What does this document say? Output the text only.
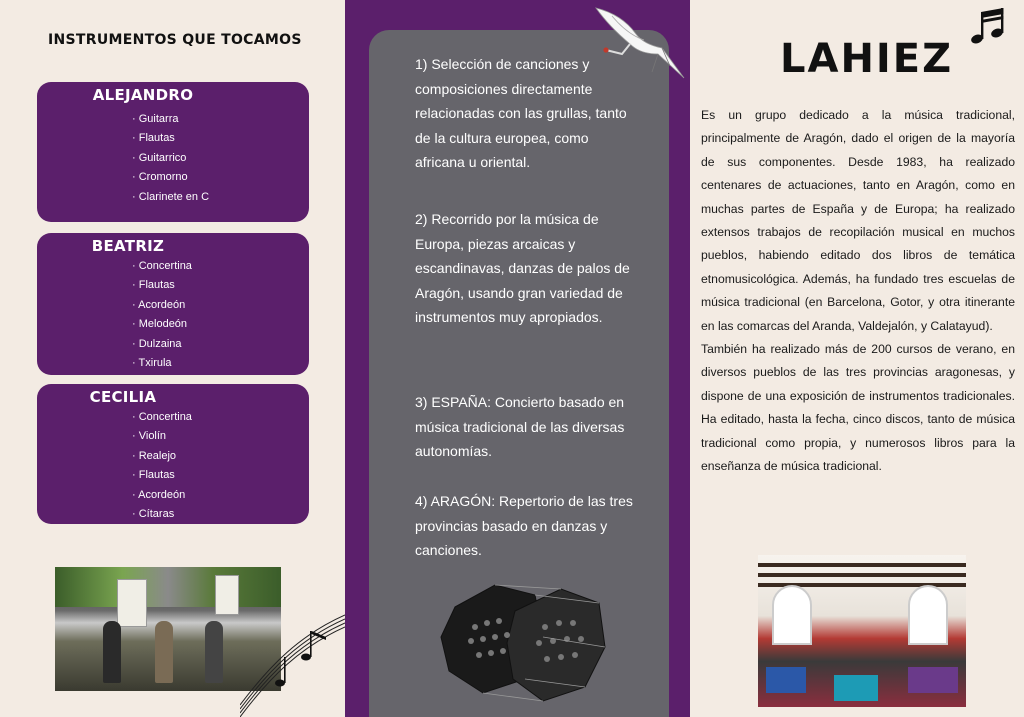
INSTRUMENTOS QUE TOCAMOS
ALEJANDRO
· Guitarra
· Flautas
· Guitarrico
· Cromorno
· Clarinete en C
BEATRIZ
· Concertina
· Flautas
· Acordeón
· Melodeón
· Dulzaina
· Txirula
CECILIA
· Concertina
· Violín
· Realejo
· Flautas
· Acordeón
· Cítaras
1) Selección de canciones y composiciones directamente relacionadas con las grullas, tanto de la cultura europea, como africana u oriental.
2) Recorrido por la música de Europa, piezas arcaicas y escandinavas, danzas de palos de Aragón, usando gran variedad de instrumentos muy apropiados.
3) ESPAÑA: Concierto basado en música tradicional de las diversas autonomías.
4) ARAGÓN: Repertorio de las tres provincias basado en danzas y canciones.
LAHIEZ

Es un grupo dedicado a la música tradicional, principalmente de Aragón, dado el origen de la mayoría de sus componentes. Desde 1983, ha realizado centenares de actuaciones, tanto en Aragón, como en muchas partes de España y de Europa; ha realizado extensos trabajos de recopilación musical en muchos pueblos, habiendo editado dos libros de temática etnomusicológica. Además, ha fundado tres escuelas de música tradicional (en Barcelona, Gotor, y otra itinerante en las comarcas del Aranda, Valdejalón, y Calatayud).

También ha realizado más de 200 cursos de verano, en diversos pueblos de las tres provincias aragonesas, y dispone de una exposición de instrumentos tradicionales. Ha editado, hasta la fecha, cinco discos, tanto de música tradicional como propia, y numerosos libros para la enseñanza de música tradicional.
